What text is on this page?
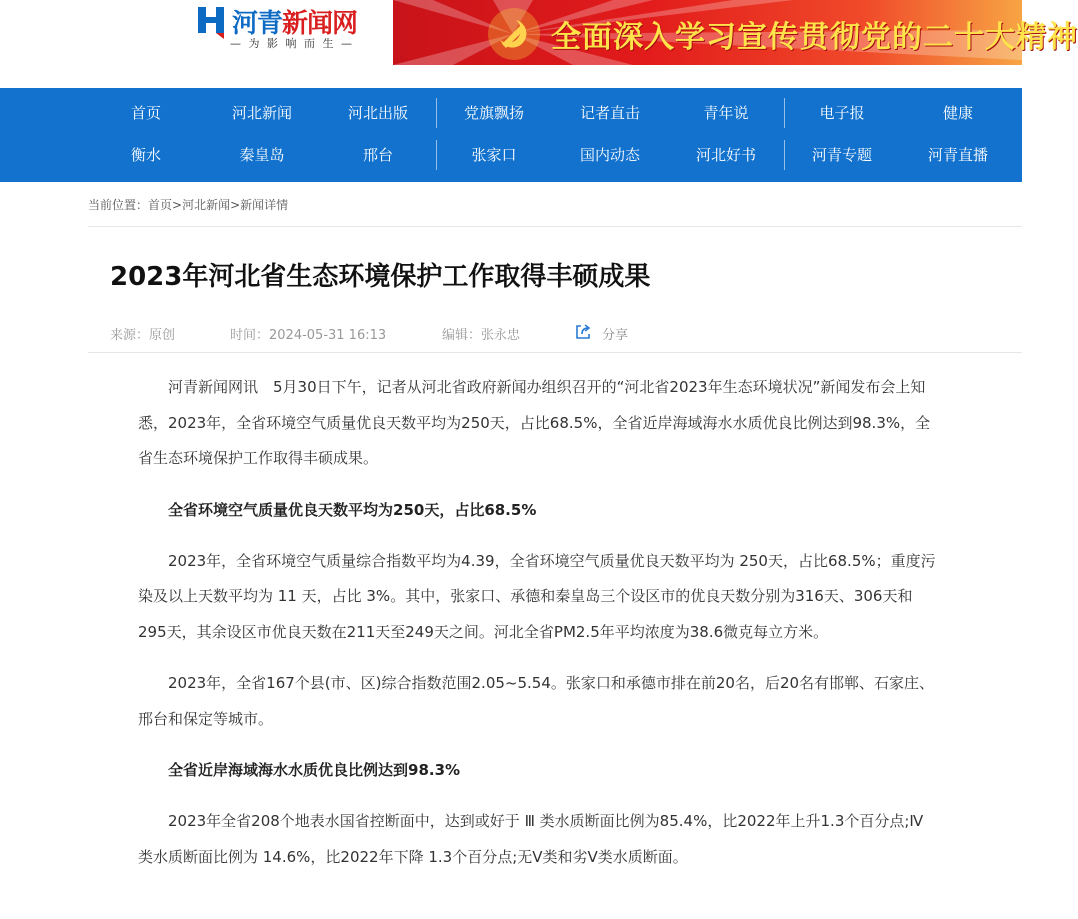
河青新闻网
— 为 影 响 而 生 —	全面深入学习宣传贯彻党的二十大精神
首页	河北新闻	河北出版	党旗飘扬	记者直击	青年说	电子报	健康
衡水	秦皇岛	邢台	张家口	国内动态	河北好书	河青专题	河青直播
当前位置：首页>河北新闻>新闻详情
2023年河北省生态环境保护工作取得丰硕成果
来源：原创	时间：2024-05-31 16:13	编辑：张永忠	分享

河青新闻网讯　5月30日下午，记者从河北省政府新闻办组织召开的“河北省2023年生态环境状况”新闻发布会上知悉，2023年，全省环境空气质量优良天数平均为250天，占比68.5%，全省近岸海域海水水质优良比例达到98.3%，全省生态环境保护工作取得丰硕成果。

全省环境空气质量优良天数平均为250天，占比68.5%

2023年，全省环境空气质量综合指数平均为4.39，全省环境空气质量优良天数平均为 250天，占比68.5%；重度污染及以上天数平均为 11 天，占比 3%。其中，张家口、承德和秦皇岛三个设区市的优良天数分别为316天、306天和295天，其余设区市优良天数在211天至249天之间。河北全省PM2.5年平均浓度为38.6微克每立方米。

2023年，全省167个县(市、区)综合指数范围2.05~5.54。张家口和承德市排在前20名，后20名有邯郸、石家庄、邢台和保定等城市。

全省近岸海域海水水质优良比例达到98.3%

2023年全省208个地表水国省控断面中，达到或好于 Ⅲ 类水质断面比例为85.4%，比2022年上升1.3个百分点;Ⅳ类水质断面比例为 14.6%，比2022年下降 1.3个百分点;无V类和劣V类水质断面。
